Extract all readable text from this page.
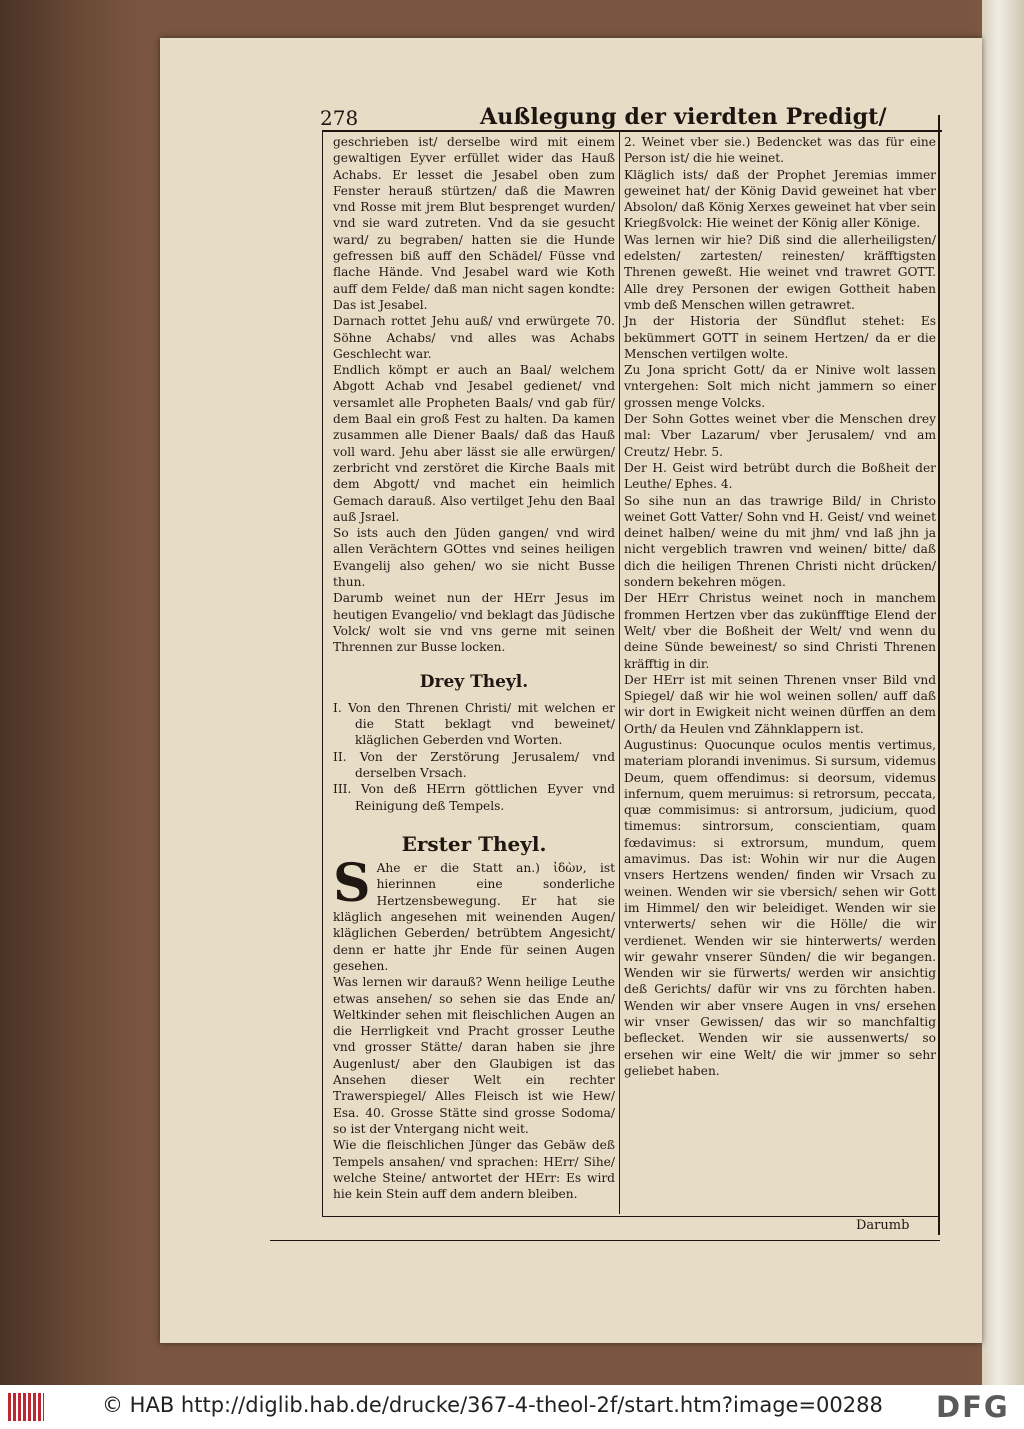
278	Außlegung der vierdten Predigt/

geschrieben ist/ derselbe wird mit einem gewaltigen Eyver erfüllet wider das Hauß Achabs. Er lesset die Jesabel oben zum Fenster herauß stürtzen/ daß die Mawren vnd Rosse mit jrem Blut besprenget wurden/ vnd sie ward zutreten. Vnd da sie gesucht ward/ zu begraben/ hatten sie die Hunde gefressen biß auff den Schädel/ Füsse vnd flache Hände. Vnd Jesabel ward wie Koth auff dem Felde/ daß man nicht sagen kondte: Das ist Jesabel.

Darnach rottet Jehu auß/ vnd erwürgete 70. Söhne Achabs/ vnd alles was Achabs Geschlecht war.

Endlich kömpt er auch an Baal/ welchem Abgott Achab vnd Jesabel gedienet/ vnd versamlet alle Propheten Baals/ vnd gab für/ dem Baal ein groß Fest zu halten. Da kamen zusammen alle Diener Baals/ daß das Hauß voll ward. Jehu aber lässt sie alle erwürgen/ zerbricht vnd zerstöret die Kirche Baals mit dem Abgott/ vnd machet ein heimlich Gemach darauß. Also vertilget Jehu den Baal auß Jsrael.

So ists auch den Jüden gangen/ vnd wird allen Verächtern GOttes vnd seines heiligen Evangelij also gehen/ wo sie nicht Busse thun.

Darumb weinet nun der HErr Jesus im heutigen Evangelio/ vnd beklagt das Jüdische Volck/ wolt sie vnd vns gerne mit seinen Thrennen zur Busse locken.

Drey Theyl.

I. Von den Threnen Christi/ mit welchen er die Statt beklagt vnd beweinet/ kläglichen Geberden vnd Worten.

II. Von der Zerstörung Jerusalem/ vnd derselben Vrsach.

III. Von deß HErrn göttlichen Eyver vnd Reinigung deß Tempels.

Erster Theyl.

S Ahe er die Statt an.) ἰδὼν, ist hierinnen eine sonderliche Hertzensbewegung. Er hat sie kläglich angesehen mit weinenden Augen/ kläglichen Geberden/ betrübtem Angesicht/ denn er hatte jhr Ende für seinen Augen gesehen.

Was lernen wir darauß? Wenn heilige Leuthe etwas ansehen/ so sehen sie das Ende an/ Weltkinder sehen mit fleischlichen Augen an die Herrligkeit vnd Pracht grosser Leuthe vnd grosser Stätte/ daran haben sie jhre Augenlust/ aber den Glaubigen ist das Ansehen dieser Welt ein rechter Trawerspiegel/ Alles Fleisch ist wie Hew/ Esa. 40. Grosse Stätte sind grosse Sodoma/ so ist der Vntergang nicht weit.

Wie die fleischlichen Jünger das Gebäw deß Tempels ansahen/ vnd sprachen: HErr/ Sihe/ welche Steine/ antwortet der HErr: Es wird hie kein Stein auff dem andern bleiben.

2. Weinet vber sie.) Bedencket was das für eine Person ist/ die hie weinet.

Kläglich ists/ daß der Prophet Jeremias immer geweinet hat/ der König David geweinet hat vber Absolon/ daß König Xerxes geweinet hat vber sein Kriegßvolck: Hie weinet der König aller Könige.

Was lernen wir hie? Diß sind die allerheiligsten/ edelsten/ zartesten/ reinesten/ kräfftigsten Threnen geweßt. Hie weinet vnd trawret GOTT. Alle drey Personen der ewigen Gottheit haben vmb deß Menschen willen getrawret.

Jn der Historia der Sündflut stehet: Es bekümmert GOTT in seinem Hertzen/ da er die Menschen vertilgen wolte.

Zu Jona spricht Gott/ da er Ninive wolt lassen vntergehen: Solt mich nicht jammern so einer grossen menge Volcks.

Der Sohn Gottes weinet vber die Menschen drey mal: Vber Lazarum/ vber Jerusalem/ vnd am Creutz/ Hebr. 5.

Der H. Geist wird betrübt durch die Boßheit der Leuthe/ Ephes. 4.

So sihe nun an das trawrige Bild/ in Christo weinet Gott Vatter/ Sohn vnd H. Geist/ vnd weinet deinet halben/ weine du mit jhm/ vnd laß jhn ja nicht vergeblich trawren vnd weinen/ bitte/ daß dich die heiligen Threnen Christi nicht drücken/ sondern bekehren mögen.

Der HErr Christus weinet noch in manchem frommen Hertzen vber das zukünfftige Elend der Welt/ vber die Boßheit der Welt/ vnd wenn du deine Sünde beweinest/ so sind Christi Threnen kräfftig in dir.

Der HErr ist mit seinen Threnen vnser Bild vnd Spiegel/ daß wir hie wol weinen sollen/ auff daß wir dort in Ewigkeit nicht weinen dürffen an dem Orth/ da Heulen vnd Zähnklappern ist.

Augustinus: Quocunque oculos mentis vertimus, materiam plorandi invenimus. Si sursum, videmus Deum, quem offendimus: si deorsum, videmus infernum, quem meruimus: si retrorsum, peccata, quæ commisimus: si antrorsum, judicium, quod timemus: sintrorsum, conscientiam, quam fœdavimus: si extrorsum, mundum, quem amavimus. Das ist: Wohin wir nur die Augen vnsers Hertzens wenden/ finden wir Vrsach zu weinen. Wenden wir sie vbersich/ sehen wir Gott im Himmel/ den wir beleidiget. Wenden wir sie vnterwerts/ sehen wir die Hölle/ die wir verdienet. Wenden wir sie hinterwerts/ werden wir gewahr vnserer Sünden/ die wir begangen. Wenden wir sie fürwerts/ werden wir ansichtig deß Gerichts/ dafür wir vns zu förchten haben. Wenden wir aber vnsere Augen in vns/ ersehen wir vnser Gewissen/ das wir so manchfaltig beflecket. Wenden wir sie aussenwerts/ so ersehen wir eine Welt/ die wir jmmer so sehr geliebet haben.

Darumb
© HAB http://diglib.hab.de/drucke/367-4-theol-2f/start.htm?image=00288 DFG
